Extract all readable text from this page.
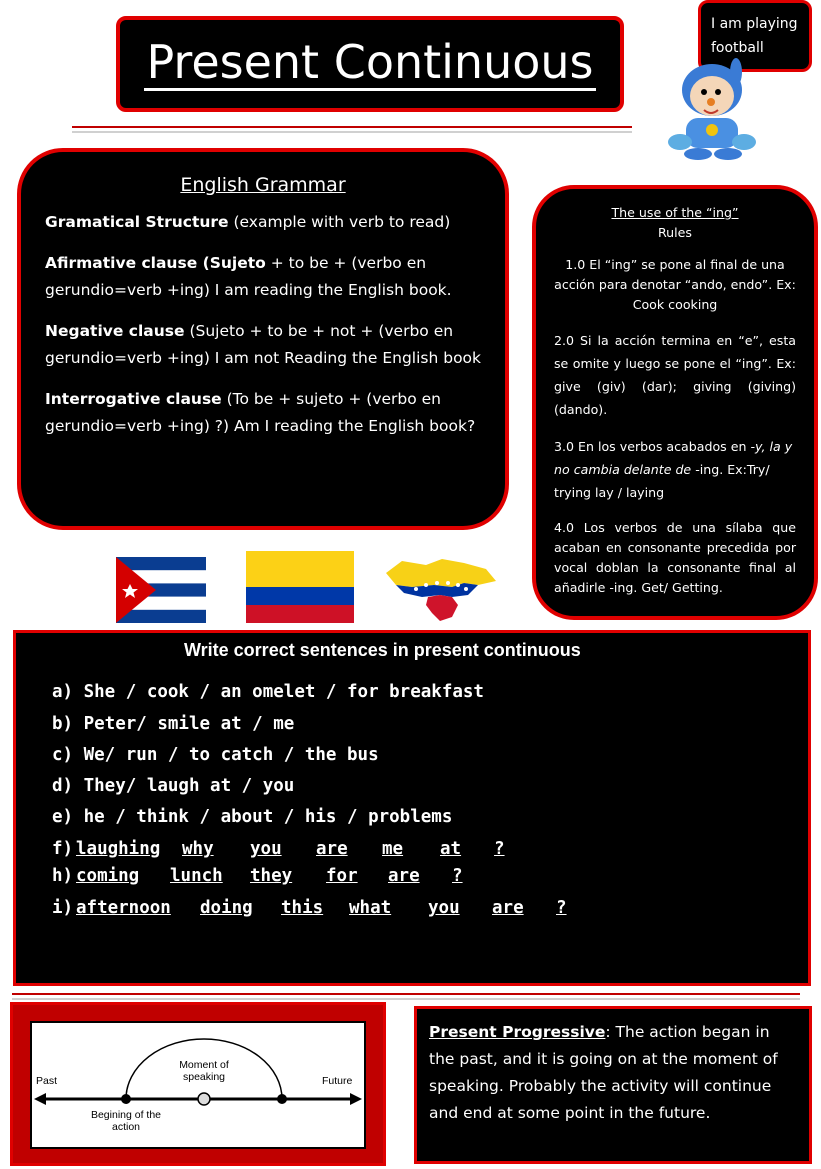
Present Continuous
I am playing football
English Grammar

Gramatical Structure (example with verb to read)

Afirmative clause (Sujeto + to be + (verbo en gerundio=verb +ing) I am reading the English book.

Negative clause (Sujeto + to be + not + (verbo en gerundio=verb +ing) I am not Reading the English book

Interrogative clause (To be + sujeto + (verbo en gerundio=verb +ing) ?) Am I reading the English book?

The use of the “ing”

Rules

1.0 El “ing” se pone al final de una acción para denotar “ando, endo”. Ex: Cook cooking

2.0 Si la acción termina en “e”, esta se omite y luego se pone el “ing”. Ex: give (giv) (dar); giving (giving) (dando).

3.0 En los verbos acabados en -y, la y no cambia delante de -ing. Ex:Try/ trying lay / laying

4.0 Los verbos de una sílaba que acaban en consonante precedida por vocal doblan la consonante final al añadirle -ing. Get/ Getting.

Write correct sentences in present continuous
a) She / cook / an omelet / for breakfast
b) Peter/ smile at / me
c) We/ run / to catch / the bus
d) They/ laugh at / you
e) he / think / about / his / problems
f) laughing why you are me at ?
h) coming lunch they for are ?
i) afternoon doing this what you are ?
Past	Future
Moment of speaking
Begining of the action
Present Progressive: The action began in the past, and it is going on at the moment of speaking. Probably the activity will continue and end at some point in the future.
